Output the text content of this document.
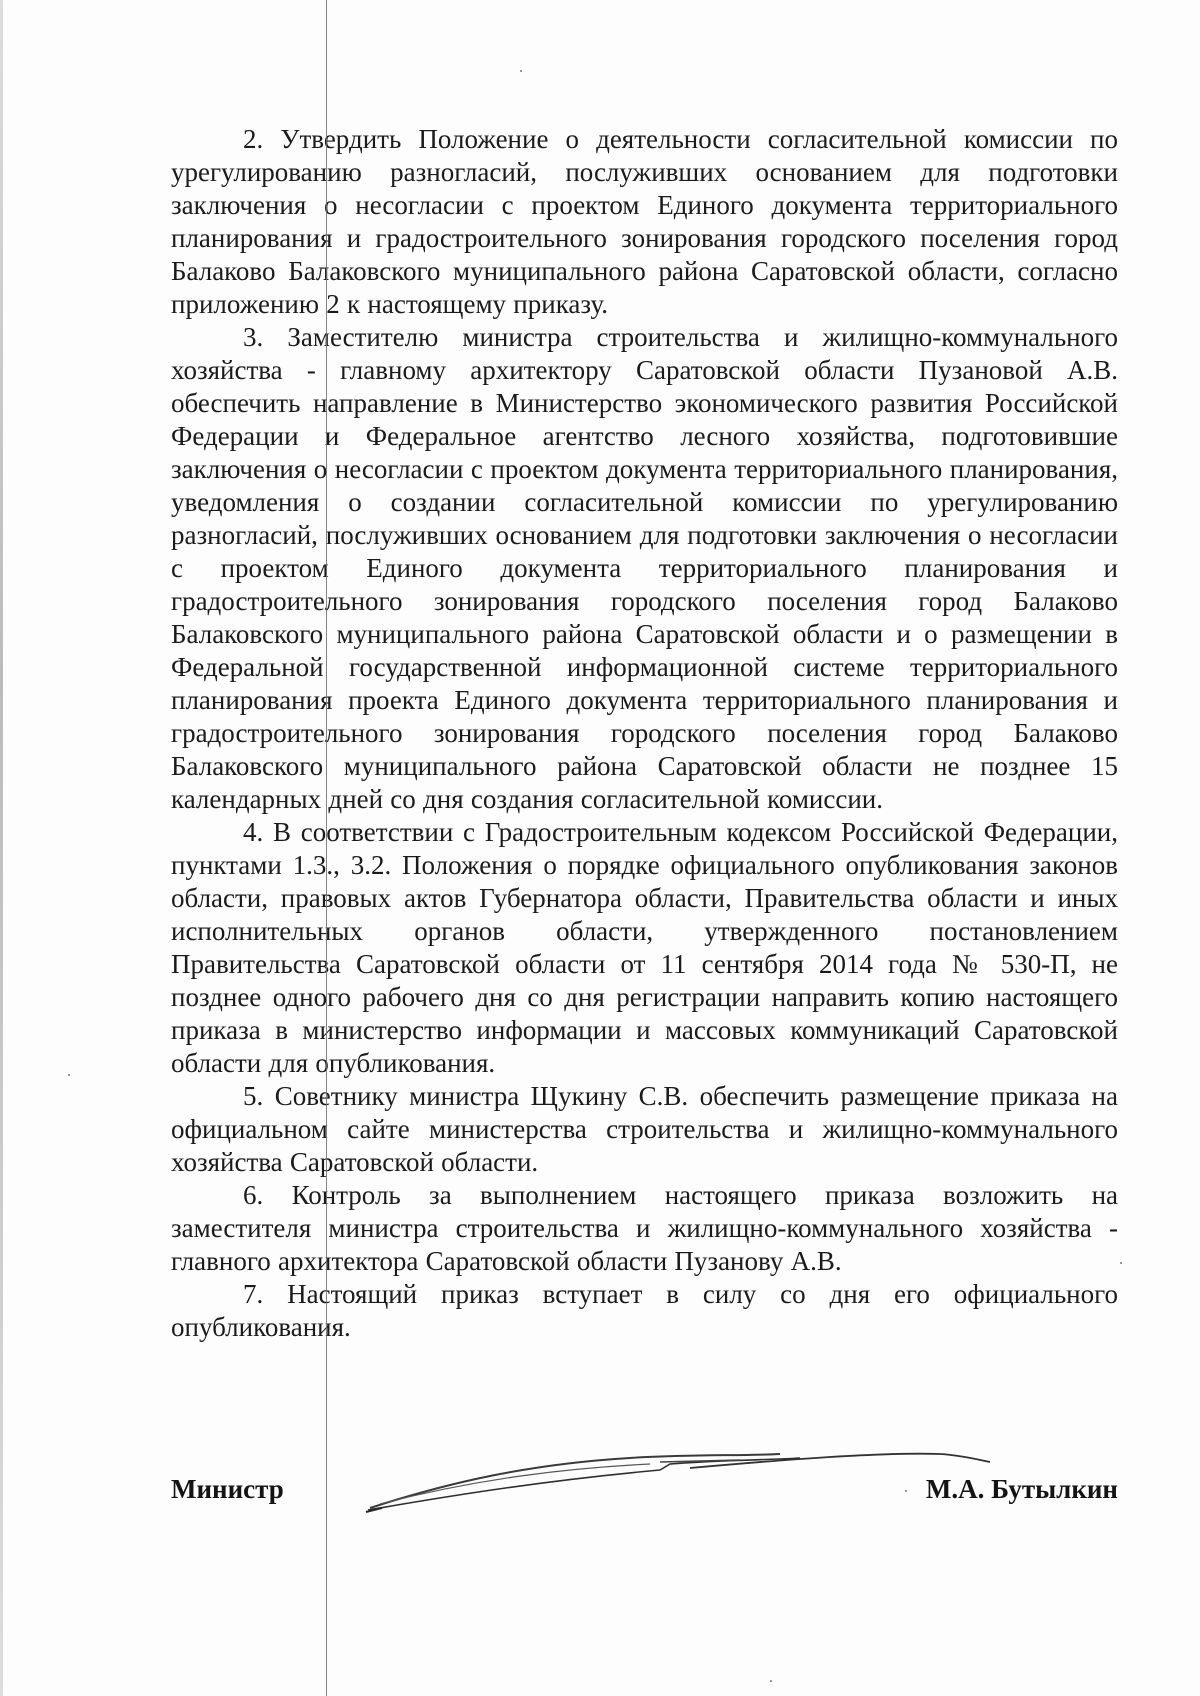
2. Утвердить Положение о деятельности согласительной комиссии по урегулированию разногласий, послуживших основанием для подготовки заключения о несогласии с проектом Единого документа территориального планирования и градостроительного зонирования городского поселения город Балаково Балаковского муниципального района Саратовской области, согласно приложению 2 к настоящему приказу.

3. Заместителю министра строительства и жилищно-коммунального хозяйства - главному архитектору Саратовской области Пузановой А.В. обеспечить направление в Министерство экономического развития Российской Федерации и Федеральное агентство лесного хозяйства, подготовившие заключения о несогласии с проектом документа территориального планирования, уведомления о создании согласительной комиссии по урегулированию разногласий, послуживших основанием для подготовки заключения о несогласии с проектом Единого документа территориального планирования и градостроительного зонирования городского поселения город Балаково Балаковского муниципального района Саратовской области и о размещении в Федеральной государственной информационной системе территориального планирования проекта Единого документа территориального планирования и градостроительного зонирования городского поселения город Балаково Балаковского муниципального района Саратовской области не позднее 15 календарных дней со дня создания согласительной комиссии.

4. В соответствии с Градостроительным кодексом Российской Федерации, пунктами 1.3., 3.2. Положения о порядке официального опубликования законов области, правовых актов Губернатора области, Правительства области и иных исполнительных органов области, утвержденного постановлением Правительства Саратовской области от 11 сентября 2014 года № 530-П, не позднее одного рабочего дня со дня регистрации направить копию настоящего приказа в министерство информации и массовых коммуникаций Саратовской области для опубликования.

5. Советнику министра Щукину С.В. обеспечить размещение приказа на официальном сайте министерства строительства и жилищно-коммунального хозяйства Саратовской области.

6. Контроль за выполнением настоящего приказа возложить на заместителя министра строительства и жилищно-коммунального хозяйства - главного архитектора Саратовской области Пузанову А.В.

7. Настоящий приказ вступает в силу со дня его официального опубликования.

Министр	М.А. Бутылкин
